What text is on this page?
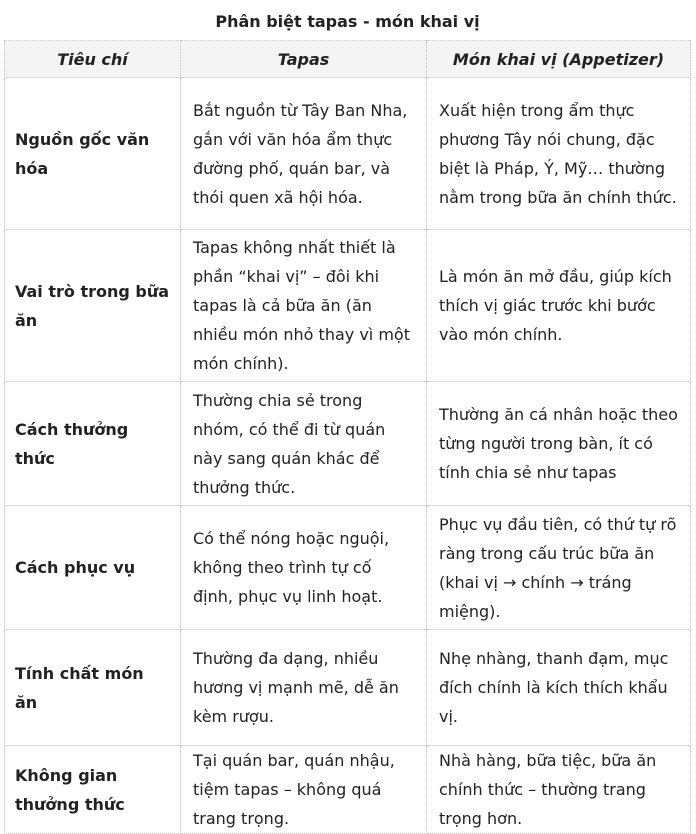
Phân biệt tapas - món khai vị
Tiêu chí	Tapas	Món khai vị (Appetizer)
Nguồn gốc văn hóa	Bắt nguồn từ Tây Ban Nha, gắn với văn hóa ẩm thực đường phố, quán bar, và thói quen xã hội hóa.	Xuất hiện trong ẩm thực phương Tây nói chung, đặc biệt là Pháp, Ý, Mỹ… thường nằm trong bữa ăn chính thức.
Vai trò trong bữa ăn	Tapas không nhất thiết là phần “khai vị” – đôi khi tapas là cả bữa ăn (ăn nhiều món nhỏ thay vì một món chính).	Là món ăn mở đầu, giúp kích thích vị giác trước khi bước vào món chính.
Cách thưởng thức	Thường chia sẻ trong nhóm, có thể đi từ quán này sang quán khác để thưởng thức.	Thường ăn cá nhân hoặc theo từng người trong bàn, ít có tính chia sẻ như tapas
Cách phục vụ	Có thể nóng hoặc nguội, không theo trình tự cố định, phục vụ linh hoạt.	Phục vụ đầu tiên, có thứ tự rõ ràng trong cấu trúc bữa ăn (khai vị → chính → tráng miệng).
Tính chất món ăn	Thường đa dạng, nhiều hương vị mạnh mẽ, dễ ăn kèm rượu.	Nhẹ nhàng, thanh đạm, mục đích chính là kích thích khẩu vị.
Không gian thưởng thức	Tại quán bar, quán nhậu, tiệm tapas – không quá trang trọng.	Nhà hàng, bữa tiệc, bữa ăn chính thức – thường trang trọng hơn.
